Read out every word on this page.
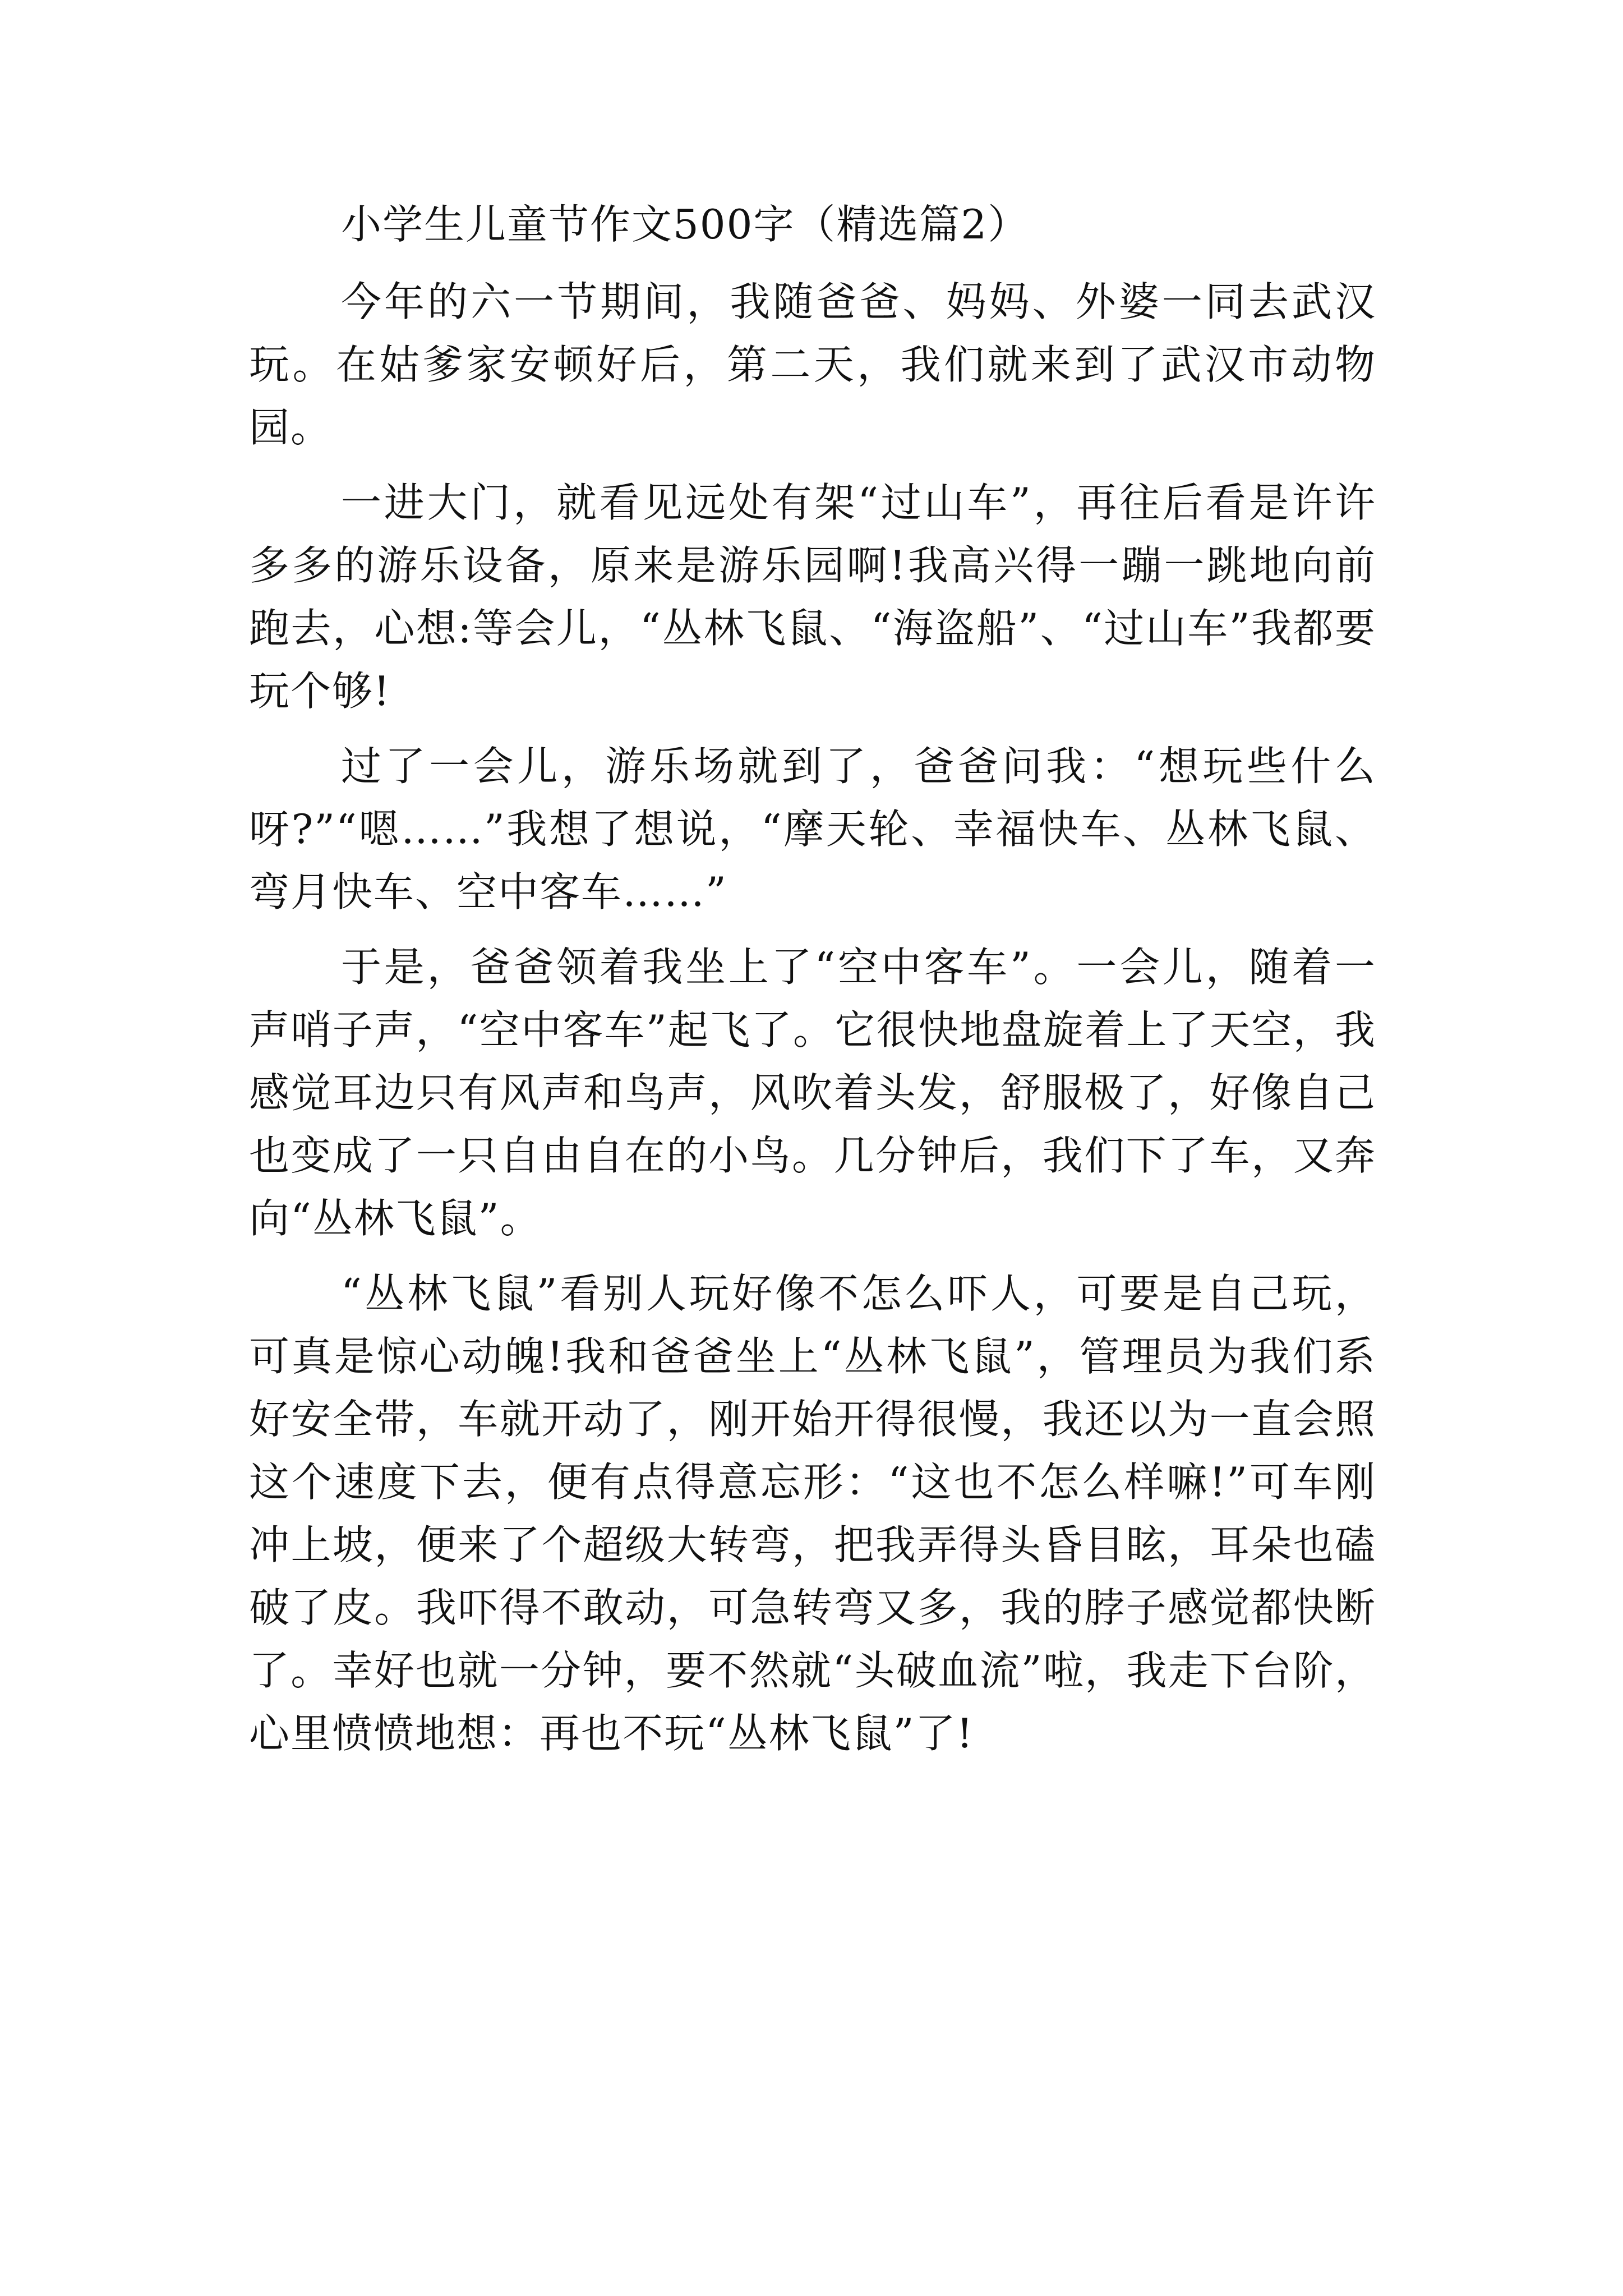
小学生儿童节作文500字（精选篇2）

今年的六一节期间，我随爸爸、妈妈、外婆一同去武汉玩。在姑爹家安顿好后，第二天，我们就来到了武汉市动物园。

一进大门，就看见远处有架“过山车”，再往后看是许许多多的游乐设备，原来是游乐园啊!我高兴得一蹦一跳地向前跑去，心想:等会儿，“丛林飞鼠、“海盗船”、“过山车”我都要玩个够!

过了一会儿，游乐场就到了，爸爸问我：“想玩些什么呀?”“嗯……”我想了想说，“摩天轮、幸福快车、丛林飞鼠、弯月快车、空中客车……”

于是，爸爸领着我坐上了“空中客车”。一会儿，随着一声哨子声，“空中客车”起飞了。它很快地盘旋着上了天空，我感觉耳边只有风声和鸟声，风吹着头发，舒服极了，好像自己也变成了一只自由自在的小鸟。几分钟后，我们下了车，又奔向“丛林飞鼠”。

“丛林飞鼠”看别人玩好像不怎么吓人，可要是自己玩，可真是惊心动魄!我和爸爸坐上“丛林飞鼠”，管理员为我们系好安全带，车就开动了，刚开始开得很慢，我还以为一直会照这个速度下去，便有点得意忘形：“这也不怎么样嘛!”可车刚冲上坡，便来了个超级大转弯，把我弄得头昏目眩，耳朵也磕破了皮。我吓得不敢动，可急转弯又多，我的脖子感觉都快断了。幸好也就一分钟，要不然就“头破血流”啦，我走下台阶，心里愤愤地想：再也不玩“丛林飞鼠”了!
